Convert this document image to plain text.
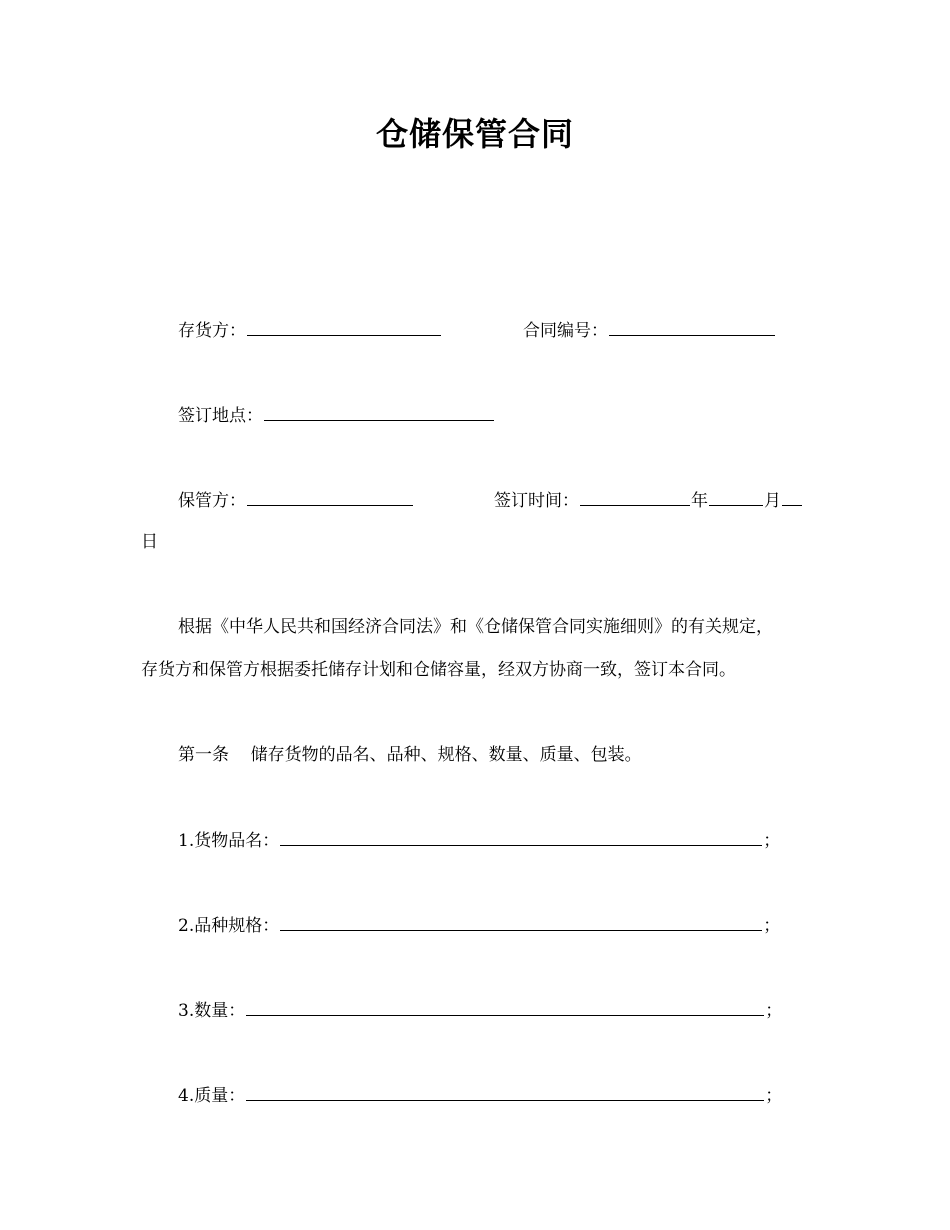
仓储保管合同
存货方：	合同编号：
签订地点：
保管方：	签订时间：	年	月
日
根据《中华人民共和国经济合同法》和《仓储保管合同实施细则》的有关规定，
存货方和保管方根据委托储存计划和仓储容量，经双方协商一致，签订本合同。
第一条    储存货物的品名、品种、规格、数量、质量、包装。
1.货物品名：	；
2.品种规格：	；
3.数量：	；
4.质量：	；
